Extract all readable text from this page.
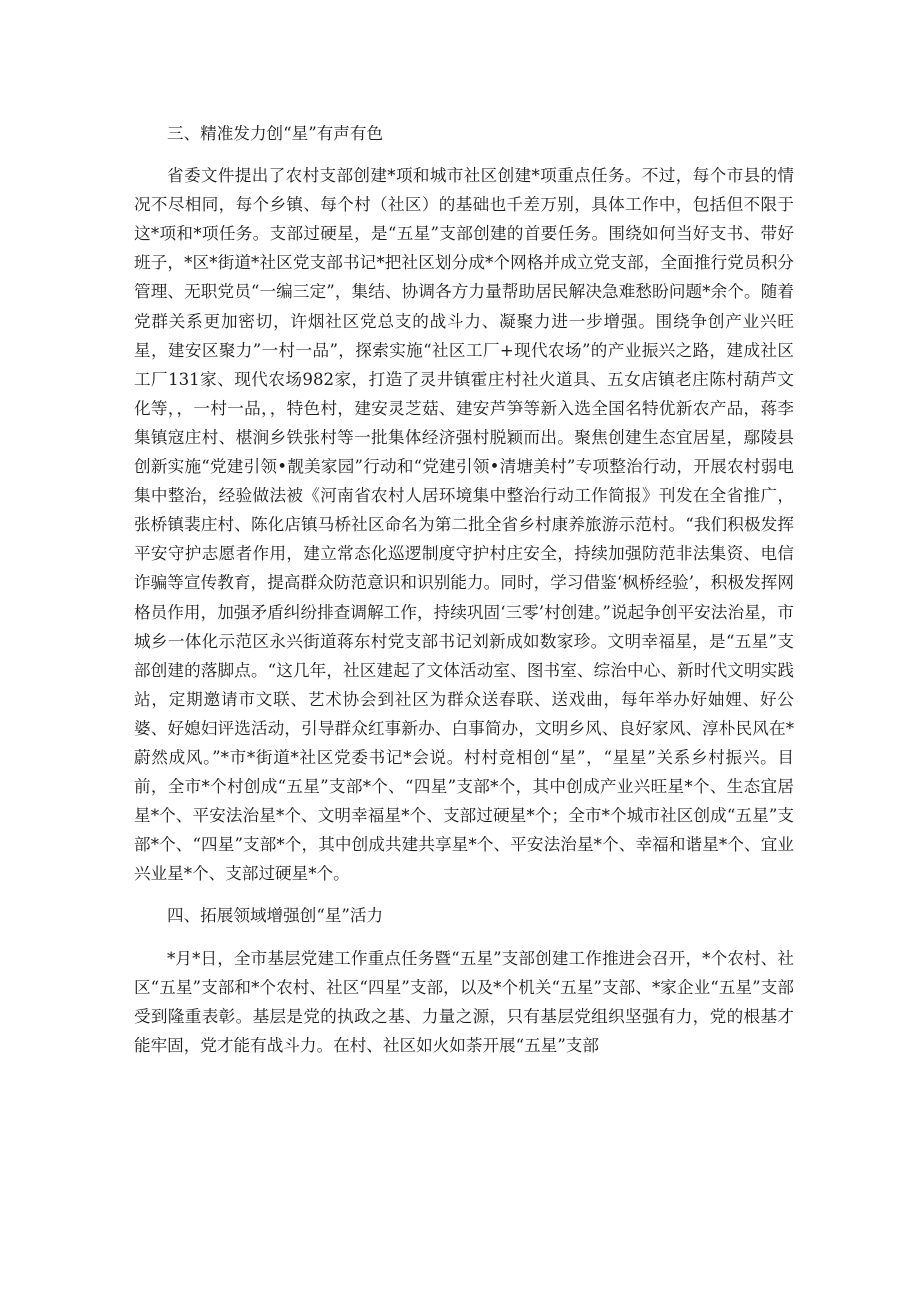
三、精准发力创“星”有声有色

省委文件提出了农村支部创建*项和城市社区创建*项重点任务。不过，每个市县的情况不尽相同，每个乡镇、每个村（社区）的基础也千差万别，具体工作中，包括但不限于这*项和*项任务。支部过硬星，是“五星”支部创建的首要任务。围绕如何当好支书、带好班子，*区*街道*社区党支部书记*把社区划分成*个网格并成立党支部，全面推行党员积分管理、无职党员“一编三定”，集结、协调各方力量帮助居民解决急难愁盼问题*余个。随着党群关系更加密切，许烟社区党总支的战斗力、凝聚力进一步增强。围绕争创产业兴旺星，建安区聚力”一村一品”，探索实施“社区工厂+现代农场”的产业振兴之路，建成社区工厂131家、现代农场982家，打造了灵井镇霍庄村社火道具、五女店镇老庄陈村葫芦文化等，，一村一品，，特色村，建安灵芝菇、建安芦笋等新入选全国名特优新农产品，蒋李集镇寇庄村、椹涧乡铁张村等一批集体经济强村脱颖而出。聚焦创建生态宜居星，鄢陵县创新实施“党建引领•靓美家园”行动和“党建引领•清塘美村”专项整治行动，开展农村弱电集中整治，经验做法被《河南省农村人居环境集中整治行动工作简报》刊发在全省推广，张桥镇裴庄村、陈化店镇马桥社区命名为第二批全省乡村康养旅游示范村。“我们积极发挥平安守护志愿者作用，建立常态化巡逻制度守护村庄安全，持续加强防范非法集资、电信诈骗等宣传教育，提高群众防范意识和识别能力。同时，学习借鉴‘枫桥经验’，积极发挥网格员作用，加强矛盾纠纷排查调解工作，持续巩固‘三零’村创建。”说起争创平安法治星，市城乡一体化示范区永兴街道蒋东村党支部书记刘新成如数家珍。文明幸福星，是“五星”支部创建的落脚点。“这几年，社区建起了文体活动室、图书室、综治中心、新时代文明实践站，定期邀请市文联、艺术协会到社区为群众送春联、送戏曲，每年举办好妯娌、好公婆、好媳妇评选活动，引导群众红事新办、白事简办，文明乡风、良好家风、淳朴民风在*蔚然成风。”*市*街道*社区党委书记*会说。村村竞相创“星”，“星星”关系乡村振兴。目前，全市*个村创成“五星”支部*个、“四星”支部*个，其中创成产业兴旺星*个、生态宜居星*个、平安法治星*个、文明幸福星*个、支部过硬星*个；全市*个城市社区创成“五星”支部*个、“四星”支部*个，其中创成共建共享星*个、平安法治星*个、幸福和谐星*个、宜业兴业星*个、支部过硬星*个。

四、拓展领域增强创“星”活力

*月*日，全市基层党建工作重点任务暨“五星”支部创建工作推进会召开，*个农村、社区“五星”支部和*个农村、社区“四星”支部，以及*个机关“五星”支部、*家企业“五星”支部受到隆重表彰。基层是党的执政之基、力量之源，只有基层党组织坚强有力，党的根基才能牢固，党才能有战斗力。在村、社区如火如荼开展“五星”支部
